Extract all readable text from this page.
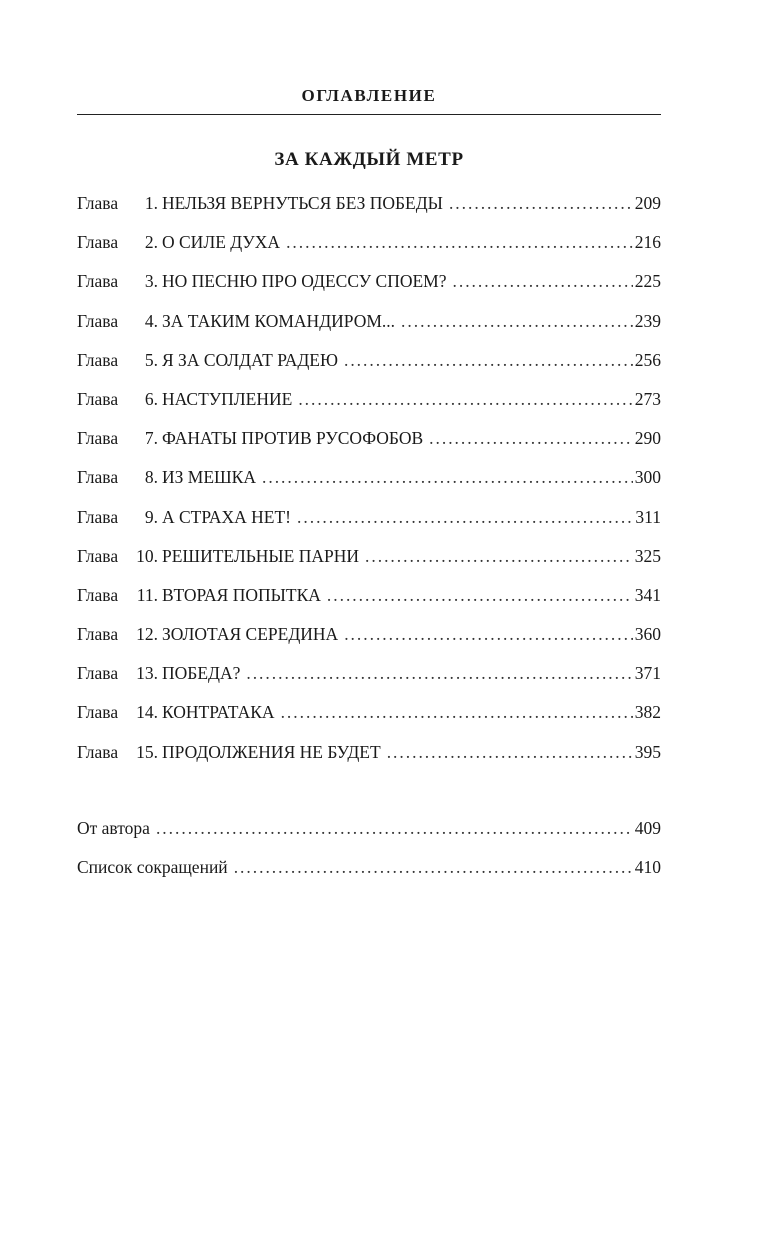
ОГЛАВЛЕНИЕ
ЗА КАЖДЫЙ МЕТР
Глава	1. НЕЛЬЗЯ ВЕРНУТЬСЯ БЕЗ ПОБЕДЫ . . .	209
Глава	2. О СИЛЕ ДУХА . . .	216
Глава	3. НО ПЕСНЮ ПРО ОДЕССУ СПОЕМ? . . .	225
Глава	4. ЗА ТАКИМ КОМАНДИРОМ... . . .	239
Глава	5. Я ЗА СОЛДАТ РАДЕЮ . . .	256
Глава	6. НАСТУПЛЕНИЕ . . .	273
Глава	7. ФАНАТЫ ПРОТИВ РУСОФОБОВ . . .	290
Глава	8. ИЗ МЕШКА . . .	300
Глава	9. А СТРАХА НЕТ! . . .	311
Глава	10. РЕШИТЕЛЬНЫЕ ПАРНИ . . .	325
Глава	11. ВТОРАЯ ПОПЫТКА . . .	341
Глава	12. ЗОЛОТАЯ СЕРЕДИНА . . .	360
Глава	13. ПОБЕДА? . . .	371
Глава	14. КОНТРАТАКА . . .	382
Глава	15. ПРОДОЛЖЕНИЯ НЕ БУДЕТ . . .	395
От автора . . .	409
Список сокращений . . .	410
